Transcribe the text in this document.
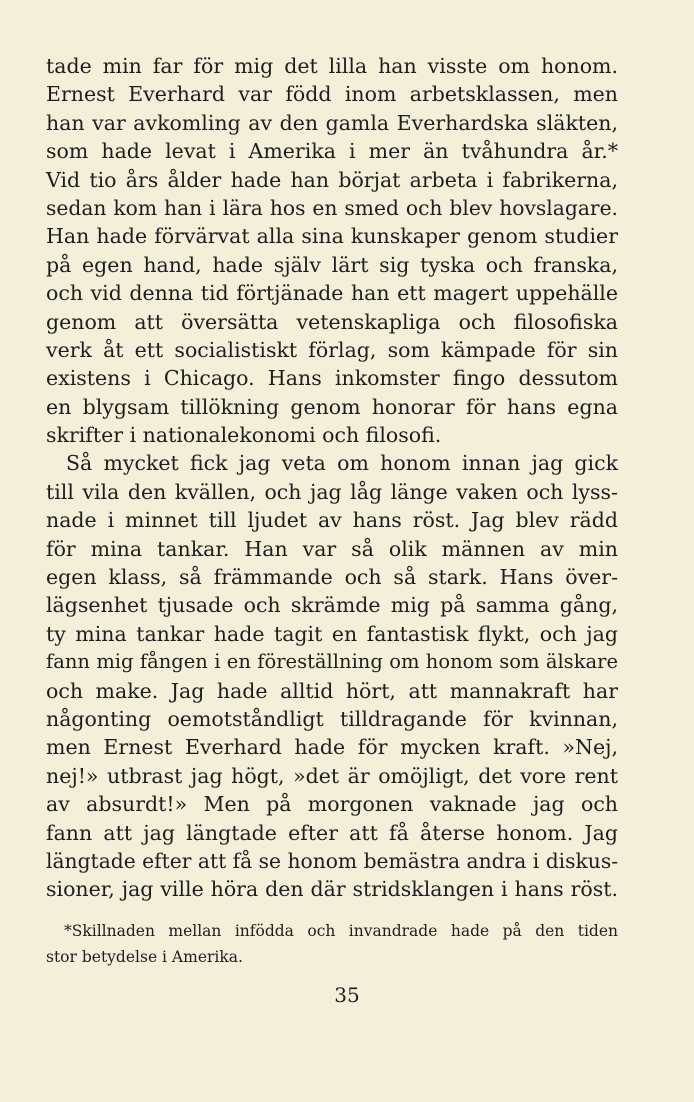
tade min far för mig det lilla han visste om honom.
Ernest Everhard var född inom arbetsklassen, men
han var avkomling av den gamla Everhardska släkten,
som hade levat i Amerika i mer än tvåhundra år.*
Vid tio års ålder hade han börjat arbeta i fabrikerna,
sedan kom han i lära hos en smed och blev hovslagare.
Han hade förvärvat alla sina kunskaper genom studier
på egen hand, hade själv lärt sig tyska och franska,
och vid denna tid förtjänade han ett magert uppehälle
genom att översätta vetenskapliga och filosofiska
verk åt ett socialistiskt förlag, som kämpade för sin
existens i Chicago. Hans inkomster fingo dessutom
en blygsam tillökning genom honorar för hans egna
skrifter i nationalekonomi och filosofi.
Så mycket fick jag veta om honom innan jag gick
till vila den kvällen, och jag låg länge vaken och lyss-
nade i minnet till ljudet av hans röst. Jag blev rädd
för mina tankar. Han var så olik männen av min
egen klass, så främmande och så stark. Hans över-
lägsenhet tjusade och skrämde mig på samma gång,
ty mina tankar hade tagit en fantastisk flykt, och jag
fann mig fången i en föreställning om honom som älskare
och make. Jag hade alltid hört, att mannakraft har
någonting oemotståndligt tilldragande för kvinnan,
men Ernest Everhard hade för mycken kraft. »Nej,
nej!» utbrast jag högt, »det är omöjligt, det vore rent
av absurdt!» Men på morgonen vaknade jag och
fann att jag längtade efter att få återse honom. Jag
längtade efter att få se honom bemästra andra i diskus-
sioner, jag ville höra den där stridsklangen i hans röst.
*Skillnaden mellan infödda och invandrade hade på den tiden
stor betydelse i Amerika.
35
